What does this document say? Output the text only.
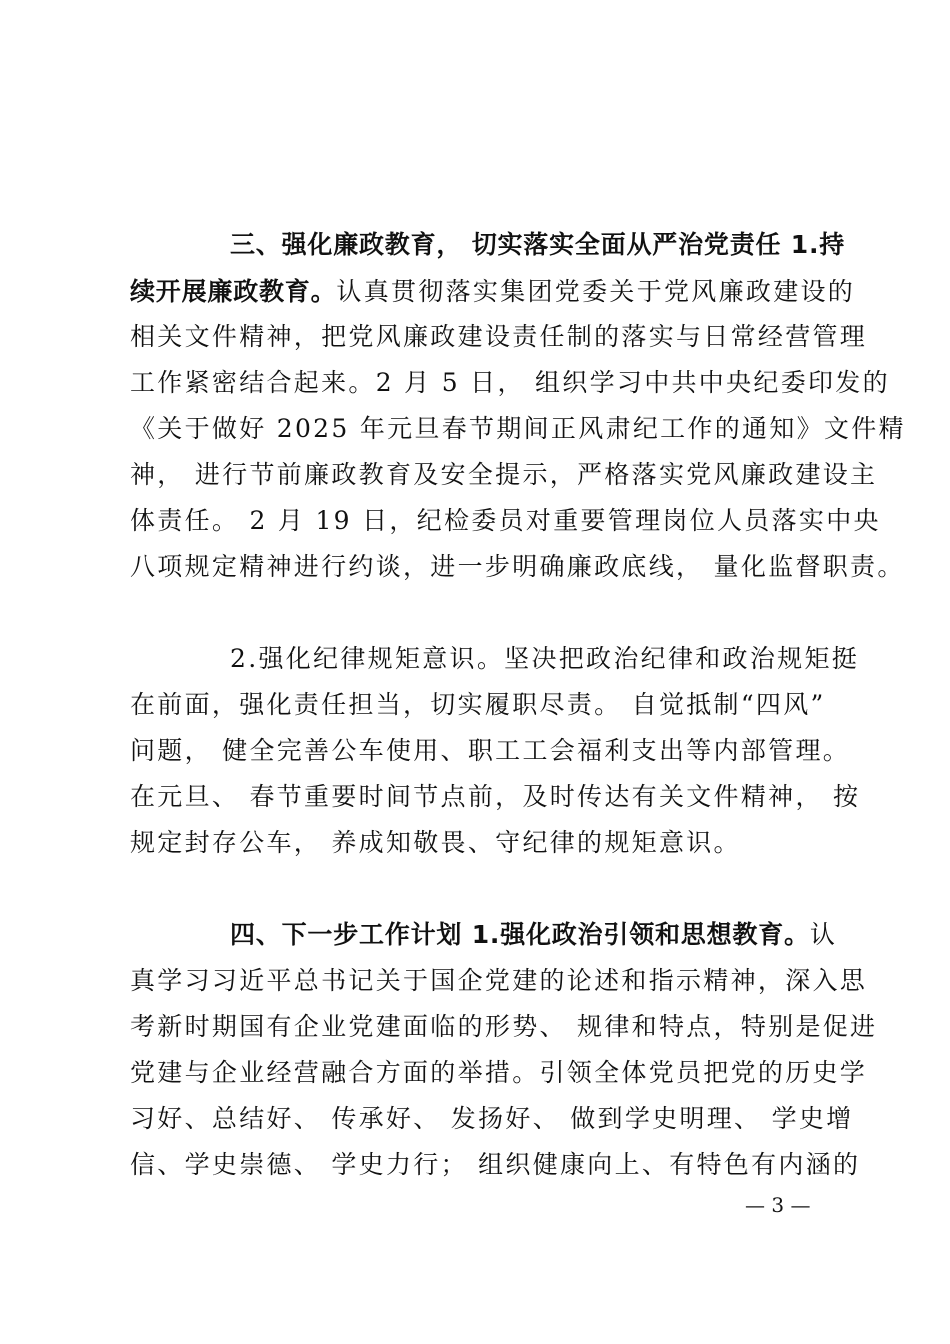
三、强化廉政教育， 切实落实全面从严治党责任 1.持
续开展廉政教育。认真贯彻落实集团党委关于党风廉政建设的
相关文件精神，把党风廉政建设责任制的落实与日常经营管理
工作紧密结合起来。2 月 5 日， 组织学习中共中央纪委印发的
《关于做好 2025 年元旦春节期间正风肃纪工作的通知》文件精
神， 进行节前廉政教育及安全提示，严格落实党风廉政建设主
体责任。 2 月 19 日，纪检委员对重要管理岗位人员落实中央
八项规定精神进行约谈，进一步明确廉政底线， 量化监督职责。
2.强化纪律规矩意识。坚决把政治纪律和政治规矩挺
在前面，强化责任担当，切实履职尽责。 自觉抵制“四风”
问题， 健全完善公车使用、职工工会福利支出等内部管理。
在元旦、 春节重要时间节点前，及时传达有关文件精神， 按
规定封存公车， 养成知敬畏、守纪律的规矩意识。
四、下一步工作计划 1.强化政治引领和思想教育。认
真学习习近平总书记关于国企党建的论述和指示精神，深入思
考新时期国有企业党建面临的形势、 规律和特点，特别是促进
党建与企业经营融合方面的举措。引领全体党员把党的历史学
习好、总结好、 传承好、 发扬好、 做到学史明理、 学史增
信、学史崇德、 学史力行； 组织健康向上、有特色有内涵的
— 3 —
